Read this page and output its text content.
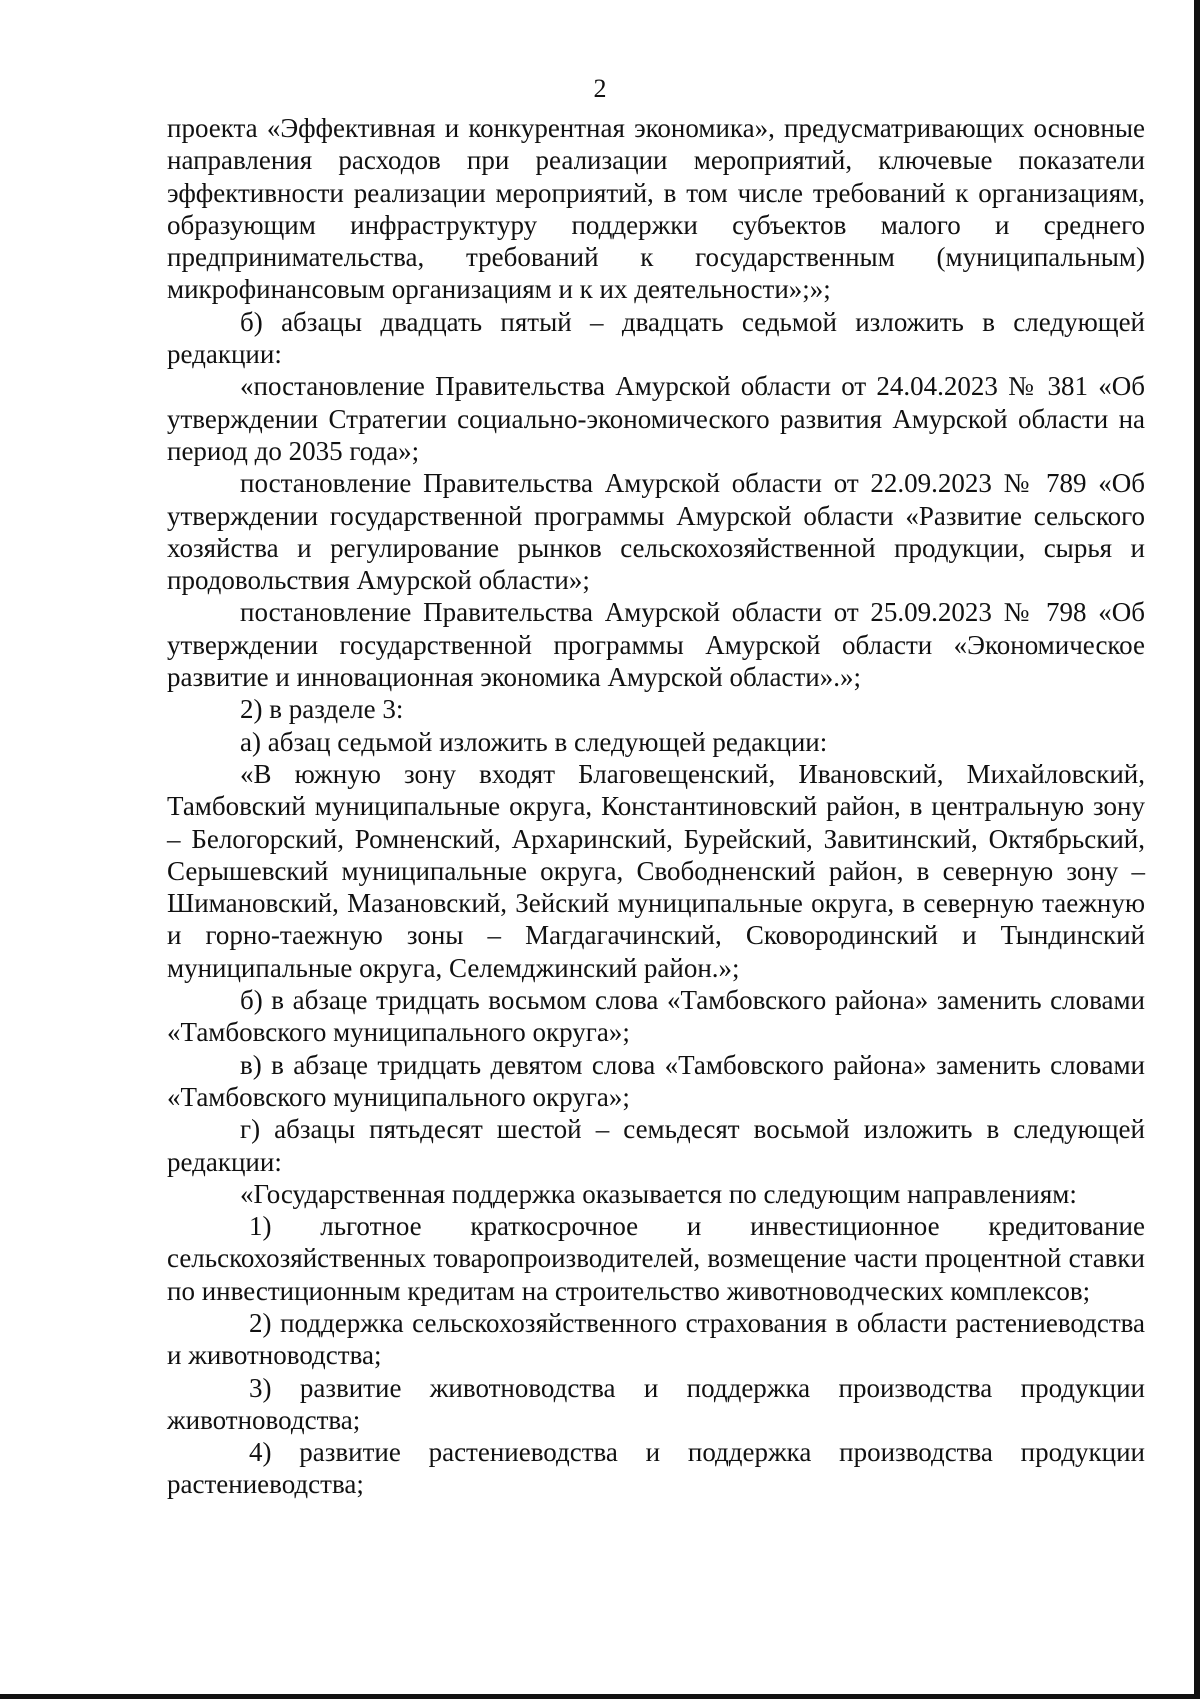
2

проекта «Эффективная и конкурентная экономика», предусматривающих основные направления расходов при реализации мероприятий, ключевые показатели эффективности реализации мероприятий, в том числе требований к организациям, образующим инфраструктуру поддержки субъектов малого и среднего предпринимательства, требований к государственным (муниципальным) микрофинансовым организациям и к их деятельности»;»;

б) абзацы двадцать пятый – двадцать седьмой изложить в следующей редакции:

«постановление Правительства Амурской области от 24.04.2023 № 381 «Об утверждении Стратегии социально-экономического развития Амурской области на период до 2035 года»;

постановление Правительства Амурской области от 22.09.2023 № 789 «Об утверждении государственной программы Амурской области «Развитие сельского хозяйства и регулирование рынков сельскохозяйственной продукции, сырья и продовольствия Амурской области»;

постановление Правительства Амурской области от 25.09.2023 № 798 «Об утверждении государственной программы Амурской области «Экономическое развитие и инновационная экономика Амурской области».»;

2) в разделе 3:

а) абзац седьмой изложить в следующей редакции:

«В южную зону входят Благовещенский, Ивановский, Михайловский, Тамбовский муниципальные округа, Константиновский район, в центральную зону – Белогорский, Ромненский, Архаринский, Бурейский, Завитинский, Октябрьский, Серышевский муниципальные округа, Свободненский район, в северную зону – Шимановский, Мазановский, Зейский муниципальные округа, в северную таежную и горно-таежную зоны – Магдагачинский, Сковородинский и Тындинский муниципальные округа, Селемджинский район.»;

б) в абзаце тридцать восьмом слова «Тамбовского района» заменить словами «Тамбовского муниципального округа»;

в) в абзаце тридцать девятом слова «Тамбовского района» заменить словами «Тамбовского муниципального округа»;

г) абзацы пятьдесят шестой – семьдесят восьмой изложить в следующей редакции:

«Государственная поддержка оказывается по следующим направлениям:

1) льготное краткосрочное и инвестиционное кредитование сельскохозяйственных товаропроизводителей, возмещение части процентной ставки по инвестиционным кредитам на строительство животноводческих комплексов;

2) поддержка сельскохозяйственного страхования в области растениеводства и животноводства;

3) развитие животноводства и поддержка производства продукции животноводства;

4) развитие растениеводства и поддержка производства продукции растениеводства;
